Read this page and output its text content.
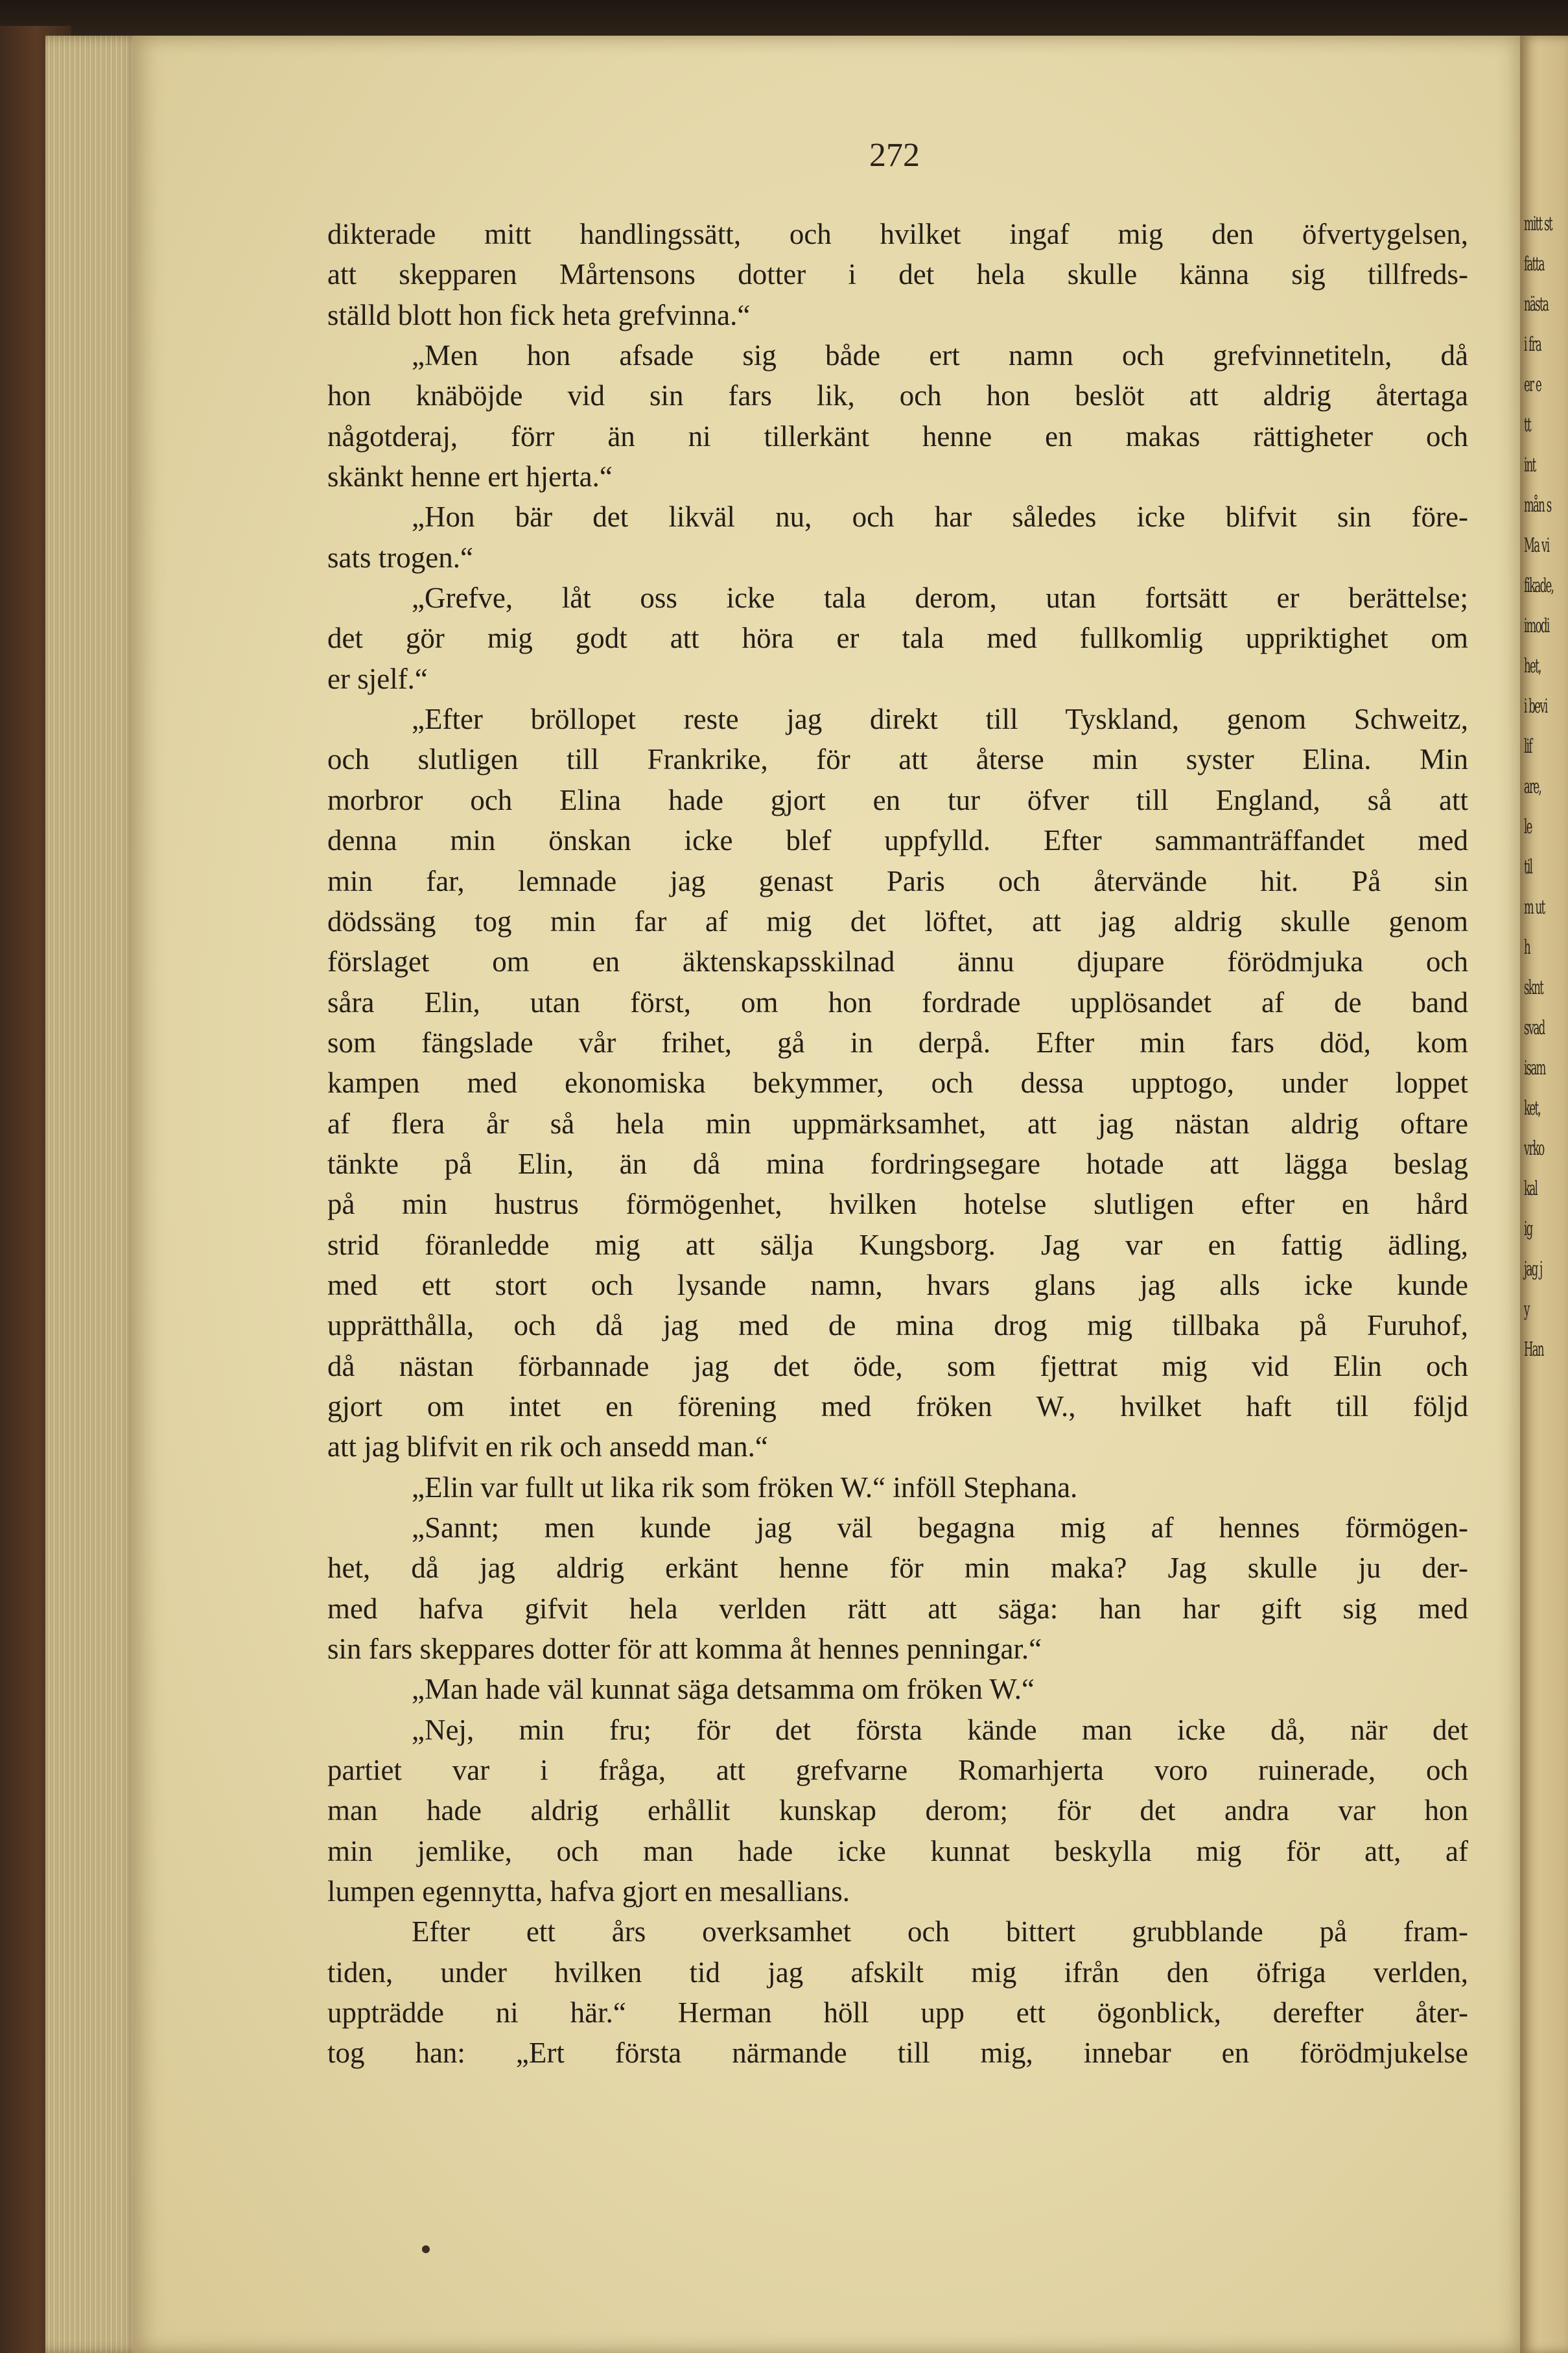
mitt st
fatta
nästa
i fra
er e
tt
int
mån s
Ma vi
fikade,
imodi
het,
i bevi
lif
are,
le
til
m ut
h
sknt
svad
isam
ket,
vrko
kal
ig
jag j
y
Han
272
dikterade mitt handlingssätt, och hvilket ingaf mig den öfvertygelsen,
att skepparen Mårtensons dotter i det hela skulle känna sig tillfreds-
ställd blott hon fick heta grefvinna.“
„Men hon afsade sig både ert namn och grefvinnetiteln, då
hon knäböjde vid sin fars lik, och hon beslöt att aldrig återtaga
någotderaj, förr än ni tillerkänt henne en makas rättigheter och
skänkt henne ert hjerta.“
„Hon bär det likväl nu, och har således icke blifvit sin före-
sats trogen.“
„Grefve, låt oss icke tala derom, utan fortsätt er berättelse;
det gör mig godt att höra er tala med fullkomlig uppriktighet om
er sjelf.“
„Efter bröllopet reste jag direkt till Tyskland, genom Schweitz,
och slutligen till Frankrike, för att återse min syster Elina. Min
morbror och Elina hade gjort en tur öfver till England, så att
denna min önskan icke blef uppfylld. Efter sammanträffandet med
min far, lemnade jag genast Paris och återvände hit. På sin
dödssäng tog min far af mig det löftet, att jag aldrig skulle genom
förslaget om en äktenskapsskilnad ännu djupare förödmjuka och
såra Elin, utan först, om hon fordrade upplösandet af de band
som fängslade vår frihet, gå in derpå. Efter min fars död, kom
kampen med ekonomiska bekymmer, och dessa upptogo, under loppet
af flera år så hela min uppmärksamhet, att jag nästan aldrig oftare
tänkte på Elin, än då mina fordringsegare hotade att lägga beslag
på min hustrus förmögenhet, hvilken hotelse slutligen efter en hård
strid föranledde mig att sälja Kungsborg. Jag var en fattig ädling,
med ett stort och lysande namn, hvars glans jag alls icke kunde
upprätthålla, och då jag med de mina drog mig tillbaka på Furuhof,
då nästan förbannade jag det öde, som fjettrat mig vid Elin och
gjort om intet en förening med fröken W., hvilket haft till följd
att jag blifvit en rik och ansedd man.“
„Elin var fullt ut lika rik som fröken W.“ inföll Stephana.
„Sannt; men kunde jag väl begagna mig af hennes förmögen-
het, då jag aldrig erkänt henne för min maka? Jag skulle ju der-
med hafva gifvit hela verlden rätt att säga: han har gift sig med
sin fars skeppares dotter för att komma åt hennes penningar.“
„Man hade väl kunnat säga detsamma om fröken W.“
„Nej, min fru; för det första kände man icke då, när det
partiet var i fråga, att grefvarne Romarhjerta voro ruinerade, och
man hade aldrig erhållit kunskap derom; för det andra var hon
min jemlike, och man hade icke kunnat beskylla mig för att, af
lumpen egennytta, hafva gjort en mesallians.
Efter ett års overksamhet och bittert grubblande på fram-
tiden, under hvilken tid jag afskilt mig ifrån den öfriga verlden,
uppträdde ni här.“ Herman höll upp ett ögonblick, derefter åter-
tog han: „Ert första närmande till mig, innebar en förödmjukelse
